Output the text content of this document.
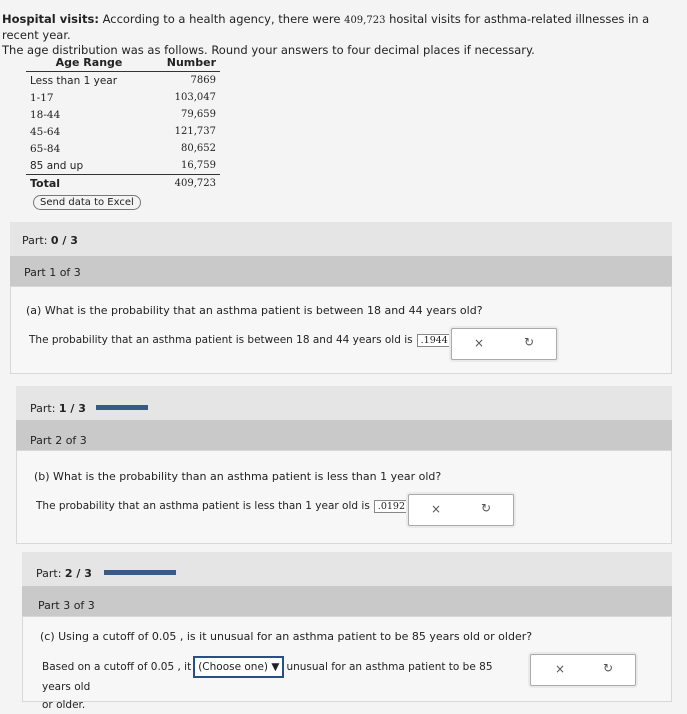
Hospital visits: According to a health agency, there were 409,723 hosital visits for asthma-related illnesses in a recent year.
The age distribution was as follows. Round your answers to four decimal places if necessary.
Age Range	Number
Less than 1 year	7869
1-17	103,047
18-44	79,659
45-64	121,737
65-84	80,652
85 and up	16,759
Total	409,723
Send data to Excel
Part: 0 / 3
Part 1 of 3
(a) What is the probability that an asthma patient is between 18 and 44 years old?
The probability that an asthma patient is between 18 and 44 years old is .1944	×	↻
Part: 1 / 3
Part 2 of 3
(b) What is the probability than an asthma patient is less than 1 year old?
The probability that an asthma patient is less than 1 year old is .0192	×	↻
Part: 2 / 3
Part 3 of 3
(c) Using a cutoff of 0.05 , is it unusual for an asthma patient to be 85 years old or older?
Based on a cutoff of 0.05 , it (Choose one) ▼ unusual for an asthma patient to be 85 years old
or older.
×	↻
